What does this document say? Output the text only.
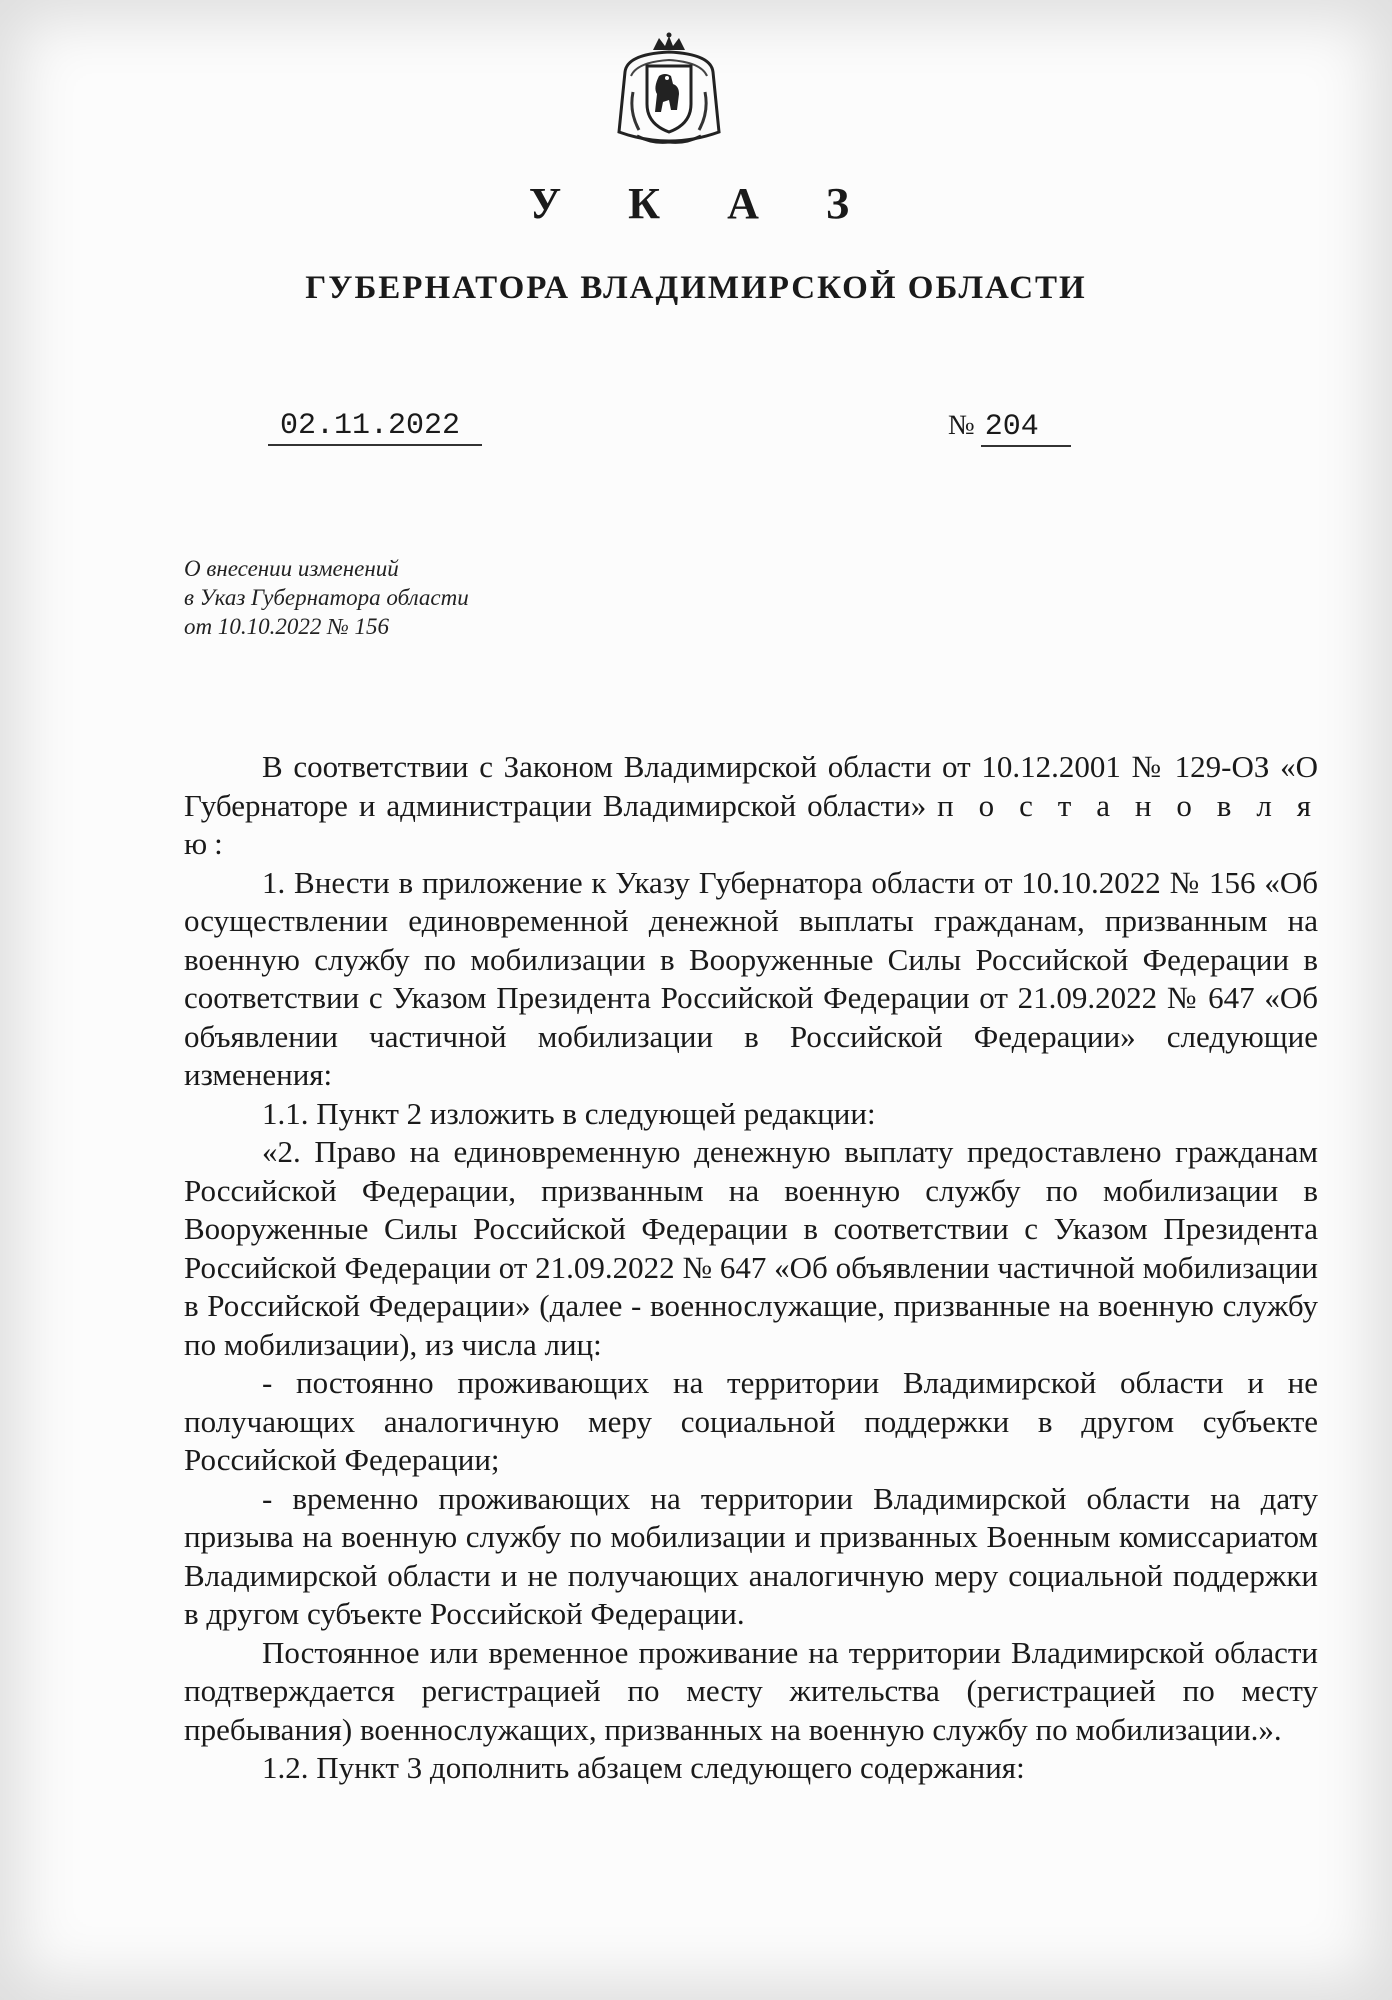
У К А З
ГУБЕРНАТОРА ВЛАДИМИРСКОЙ ОБЛАСТИ
02.11.2022	№ 204
О внесении изменений
в Указ Губернатора области
от 10.10.2022 № 156

В соответствии с Законом Владимирской области от 10.12.2001 № 129-ОЗ «О Губернаторе и администрации Владимирской области» п о с т а н о в л я ю:

1. Внести в приложение к Указу Губернатора области от 10.10.2022 № 156 «Об осуществлении единовременной денежной выплаты гражданам, призванным на военную службу по мобилизации в Вооруженные Силы Российской Федерации в соответствии с Указом Президента Российской Федерации от 21.09.2022 № 647 «Об объявлении частичной мобилизации в Российской Федерации» следующие изменения:

1.1. Пункт 2 изложить в следующей редакции:

«2. Право на единовременную денежную выплату предоставлено гражданам Российской Федерации, призванным на военную службу по мобилизации в Вооруженные Силы Российской Федерации в соответствии с Указом Президента Российской Федерации от 21.09.2022 № 647 «Об объявлении частичной мобилизации в Российской Федерации» (далее - военнослужащие, призванные на военную службу по мобилизации), из числа лиц:

- постоянно проживающих на территории Владимирской области и не получающих аналогичную меру социальной поддержки в другом субъекте Российской Федерации;

- временно проживающих на территории Владимирской области на дату призыва на военную службу по мобилизации и призванных Военным комиссариатом Владимирской области и не получающих аналогичную меру социальной поддержки в другом субъекте Российской Федерации.

Постоянное или временное проживание на территории Владимирской области подтверждается регистрацией по месту жительства (регистрацией по месту пребывания) военнослужащих, призванных на военную службу по мобилизации.».

1.2. Пункт 3 дополнить абзацем следующего содержания:
